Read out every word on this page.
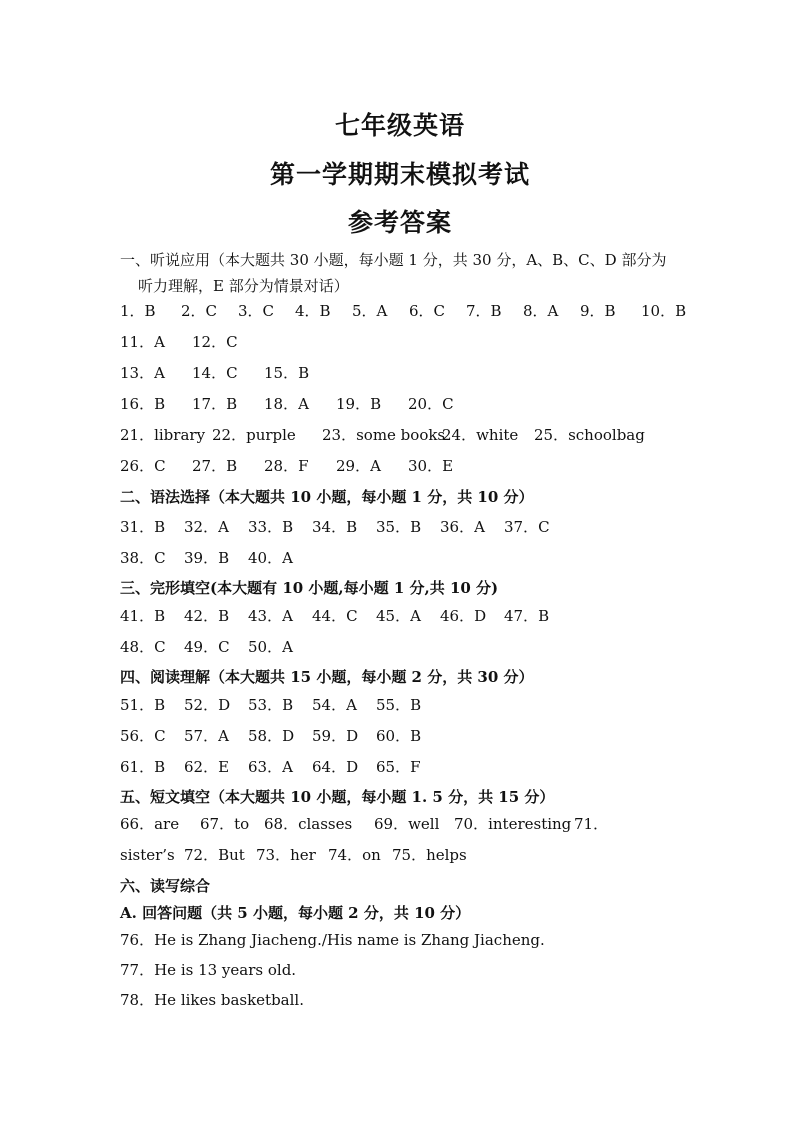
七年级英语
第一学期期末模拟考试
参考答案
一、听说应用（本大题共 30 小题，每小题 1 分，共 30 分，A、B、C、D 部分为
听力理解，E 部分为情景对话）
1．B 2．C 3．C 4．B 5．A 6．C 7．B 8．A 9．B 10．B
11．A 12．C
13．A 14．C 15．B
16．B 17．B 18．A 19．B 20．C
21．library 22．purple 23．some books24．white 25．schoolbag
26．C 27．B 28．F 29．A 30．E
二、语法选择（本大题共 10 小题，每小题 1 分，共 10 分）
31．B 32．A 33．B 34．B 35．B 36．A 37．C
38．C 39．B 40．A
三、完形填空(本大题有 10 小题,每小题 1 分,共 10 分)
41．B 42．B 43．A 44．C 45．A 46．D 47．B
48．C 49．C 50．A
四、阅读理解（本大题共 15 小题，每小题 2 分，共 30 分）
51．B 52．D 53．B 54．A 55．B
56．C 57．A 58．D 59．D 60．B
61．B 62．E 63．A 64．D 65．F
五、短文填空（本大题共 10 小题，每小题 1. 5 分，共 15 分）
66．are 67．to 68．classes 69．well 70．interesting 71．
sister’s 72．But 73．her 74．on 75．helps
六、读写综合
A. 回答问题（共 5 小题，每小题 2 分，共 10 分）
76．He is Zhang Jiacheng./His name is Zhang Jiacheng.
77．He is 13 years old.
78．He likes basketball.
